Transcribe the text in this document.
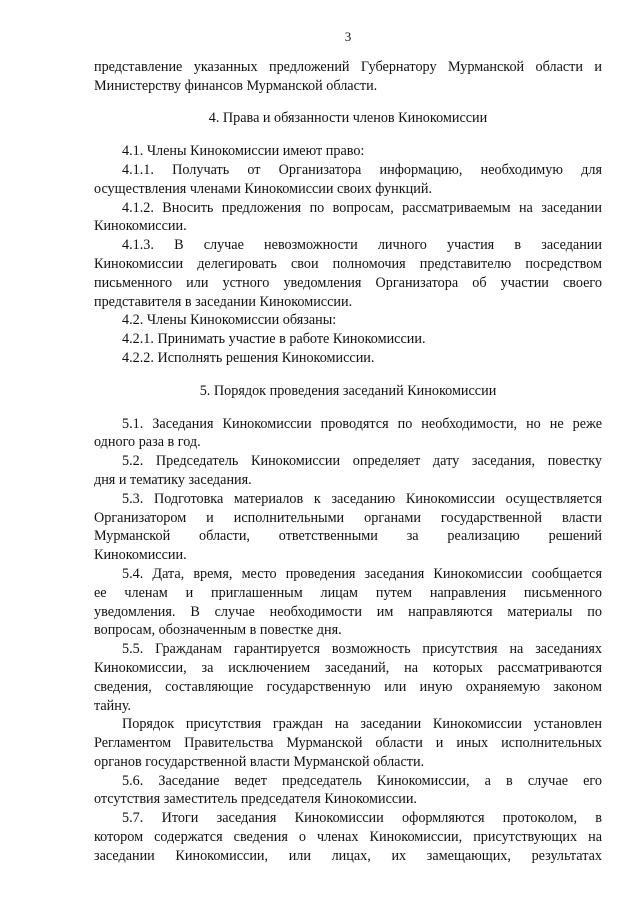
3
представление указанных предложений Губернатору Мурманской области и
Министерству финансов Мурманской области.
4. Права и обязанности членов Кинокомиссии
4.1. Члены Кинокомиссии имеют право:
4.1.1. Получать от Организатора информацию, необходимую для
осуществления членами Кинокомиссии своих функций.
4.1.2. Вносить предложения по вопросам, рассматриваемым на заседании
Кинокомиссии.
4.1.3. В случае невозможности личного участия в заседании
Кинокомиссии делегировать свои полномочия представителю посредством
письменного или устного уведомления Организатора об участии своего
представителя в заседании Кинокомиссии.
4.2. Члены Кинокомиссии обязаны:
4.2.1. Принимать участие в работе Кинокомиссии.
4.2.2. Исполнять решения Кинокомиссии.
5. Порядок проведения заседаний Кинокомиссии
5.1. Заседания Кинокомиссии проводятся по необходимости, но не реже
одного раза в год.
5.2. Председатель Кинокомиссии определяет дату заседания, повестку
дня и тематику заседания.
5.3. Подготовка материалов к заседанию Кинокомиссии осуществляется
Организатором и исполнительными органами государственной власти
Мурманской области, ответственными за реализацию решений
Кинокомиссии.
5.4. Дата, время, место проведения заседания Кинокомиссии сообщается
ее членам и приглашенным лицам путем направления письменного
уведомления. В случае необходимости им направляются материалы по
вопросам, обозначенным в повестке дня.
5.5. Гражданам гарантируется возможность присутствия на заседаниях
Кинокомиссии, за исключением заседаний, на которых рассматриваются
сведения, составляющие государственную или иную охраняемую законом
тайну.
Порядок присутствия граждан на заседании Кинокомиссии установлен
Регламентом Правительства Мурманской области и иных исполнительных
органов государственной власти Мурманской области.
5.6. Заседание ведет председатель Кинокомиссии, а в случае его
отсутствия заместитель председателя Кинокомиссии.
5.7. Итоги заседания Кинокомиссии оформляются протоколом, в
котором содержатся сведения о членах Кинокомиссии, присутствующих на
заседании Кинокомиссии, или лицах, их замещающих, результатах
